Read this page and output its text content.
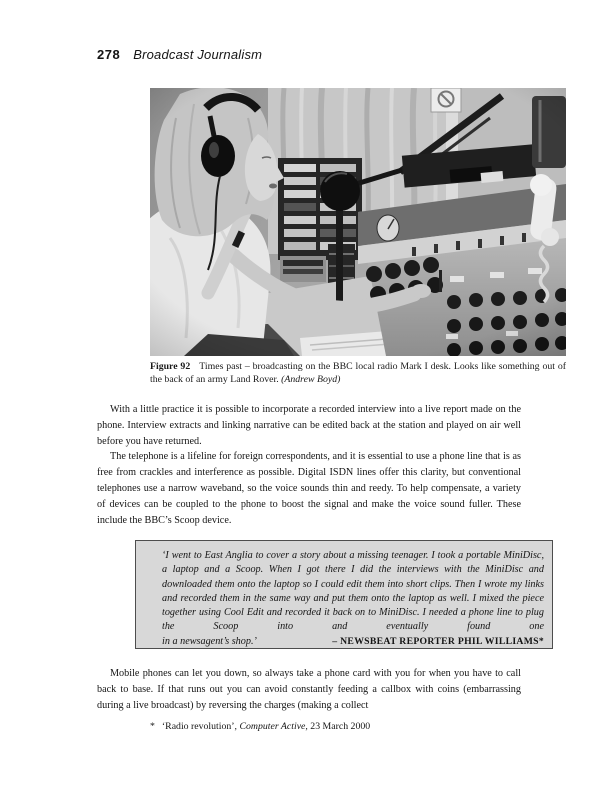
278 Broadcast Journalism
Figure 92 Times past – broadcasting on the BBC local radio Mark I desk. Looks like something out of the back of an army Land Rover. (Andrew Boyd)

With a little practice it is possible to incorporate a recorded interview into a live report made on the phone. Interview extracts and linking narrative can be edited back at the station and played on air well before you have returned.

The telephone is a lifeline for foreign correspondents, and it is essential to use a phone line that is as free from crackles and interference as possible. Digital ISDN lines offer this clarity, but conventional telephones use a narrow waveband, so the voice sounds thin and reedy. To help compensate, a variety of devices can be coupled to the phone to boost the signal and make the voice sound fuller. These include the BBC’s Scoop device.

‘I went to East Anglia to cover a story about a missing teenager. I took a portable MiniDisc, a laptop and a Scoop. When I got there I did the interviews with the MiniDisc and downloaded them onto the laptop so I could edit them into short clips. Then I wrote my links and recorded them in the same way and put them onto the laptop as well. I mixed the piece together using Cool Edit and recorded it back on to MiniDisc. I needed a phone line to plug the Scoop into and eventually found one
in a newsagent’s shop.’	– NEWSBEAT REPORTER PHIL WILLIAMS*

Mobile phones can let you down, so always take a phone card with you for when you have to call back to base. If that runs out you can avoid constantly feeding a callbox with coins (embarrassing during a live broadcast) by reversing the charges (making a collect

* ‘Radio revolution’, Computer Active, 23 March 2000
